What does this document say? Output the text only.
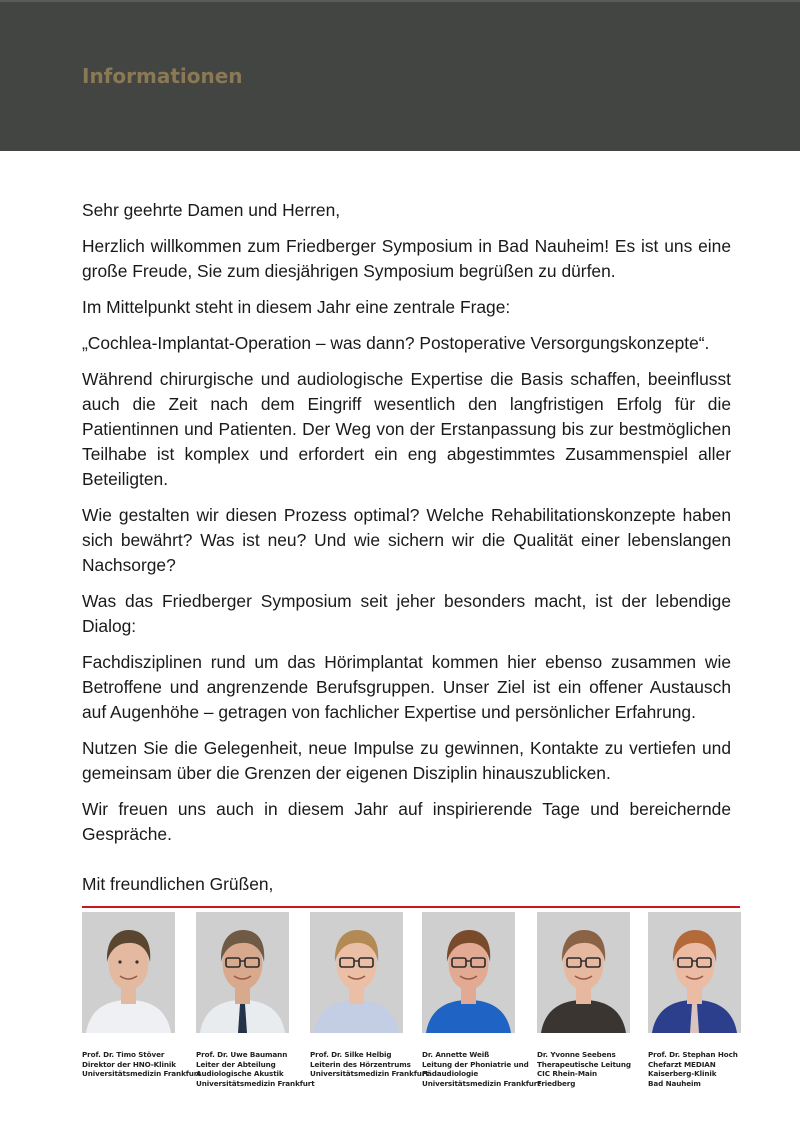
Informationen

Sehr geehrte Damen und Herren,

Herzlich willkommen zum Friedberger Symposium in Bad Nauheim! Es ist uns eine große Freude, Sie zum diesjährigen Symposium begrüßen zu dürfen.

Im Mittelpunkt steht in diesem Jahr eine zentrale Frage:

„Cochlea-Implantat-Operation – was dann? Postoperative Versorgungskonzepte“.

Während chirurgische und audiologische Expertise die Basis schaffen, beeinflusst auch die Zeit nach dem Eingriff wesentlich den langfristigen Erfolg für die Patientinnen und Patienten. Der Weg von der Erstanpassung bis zur bestmöglichen Teilhabe ist komplex und erfordert ein eng abgestimmtes Zusammenspiel aller Beteiligten.

Wie gestalten wir diesen Prozess optimal? Welche Rehabilitationskonzepte haben sich bewährt? Was ist neu? Und wie sichern wir die Qualität einer lebenslangen Nachsorge?

Was das Friedberger Symposium seit jeher besonders macht, ist der lebendige Dialog:

Fachdisziplinen rund um das Hörimplantat kommen hier ebenso zusammen wie Betroffene und angrenzende Berufsgruppen. Unser Ziel ist ein offener Austausch auf Augenhöhe – getragen von fachlicher Expertise und persönlicher Erfahrung.

Nutzen Sie die Gelegenheit, neue Impulse zu gewinnen, Kontakte zu vertiefen und gemeinsam über die Grenzen der eigenen Disziplin hinauszublicken.

Wir freuen uns auch in diesem Jahr auf inspirierende Tage und bereichernde Gespräche.

Mit freundlichen Grüßen,
Prof. Dr. Timo Stöver
Direktor der HNO-Klinik
Universitätsmedizin Frankfurt
Prof. Dr. Uwe Baumann
Leiter der Abteilung
Audiologische Akustik
Universitätsmedizin Frankfurt
Prof. Dr. Silke Helbig
Leiterin des Hörzentrums
Universitätsmedizin Frankfurt
Dr. Annette Weiß
Leitung der Phoniatrie und
Pädaudiologie
Universitätsmedizin Frankfurt
Dr. Yvonne Seebens
Therapeutische Leitung
CIC Rhein-Main
Friedberg
Prof. Dr. Stephan Hoch
Chefarzt MEDIAN
Kaiserberg-Klinik
Bad Nauheim
